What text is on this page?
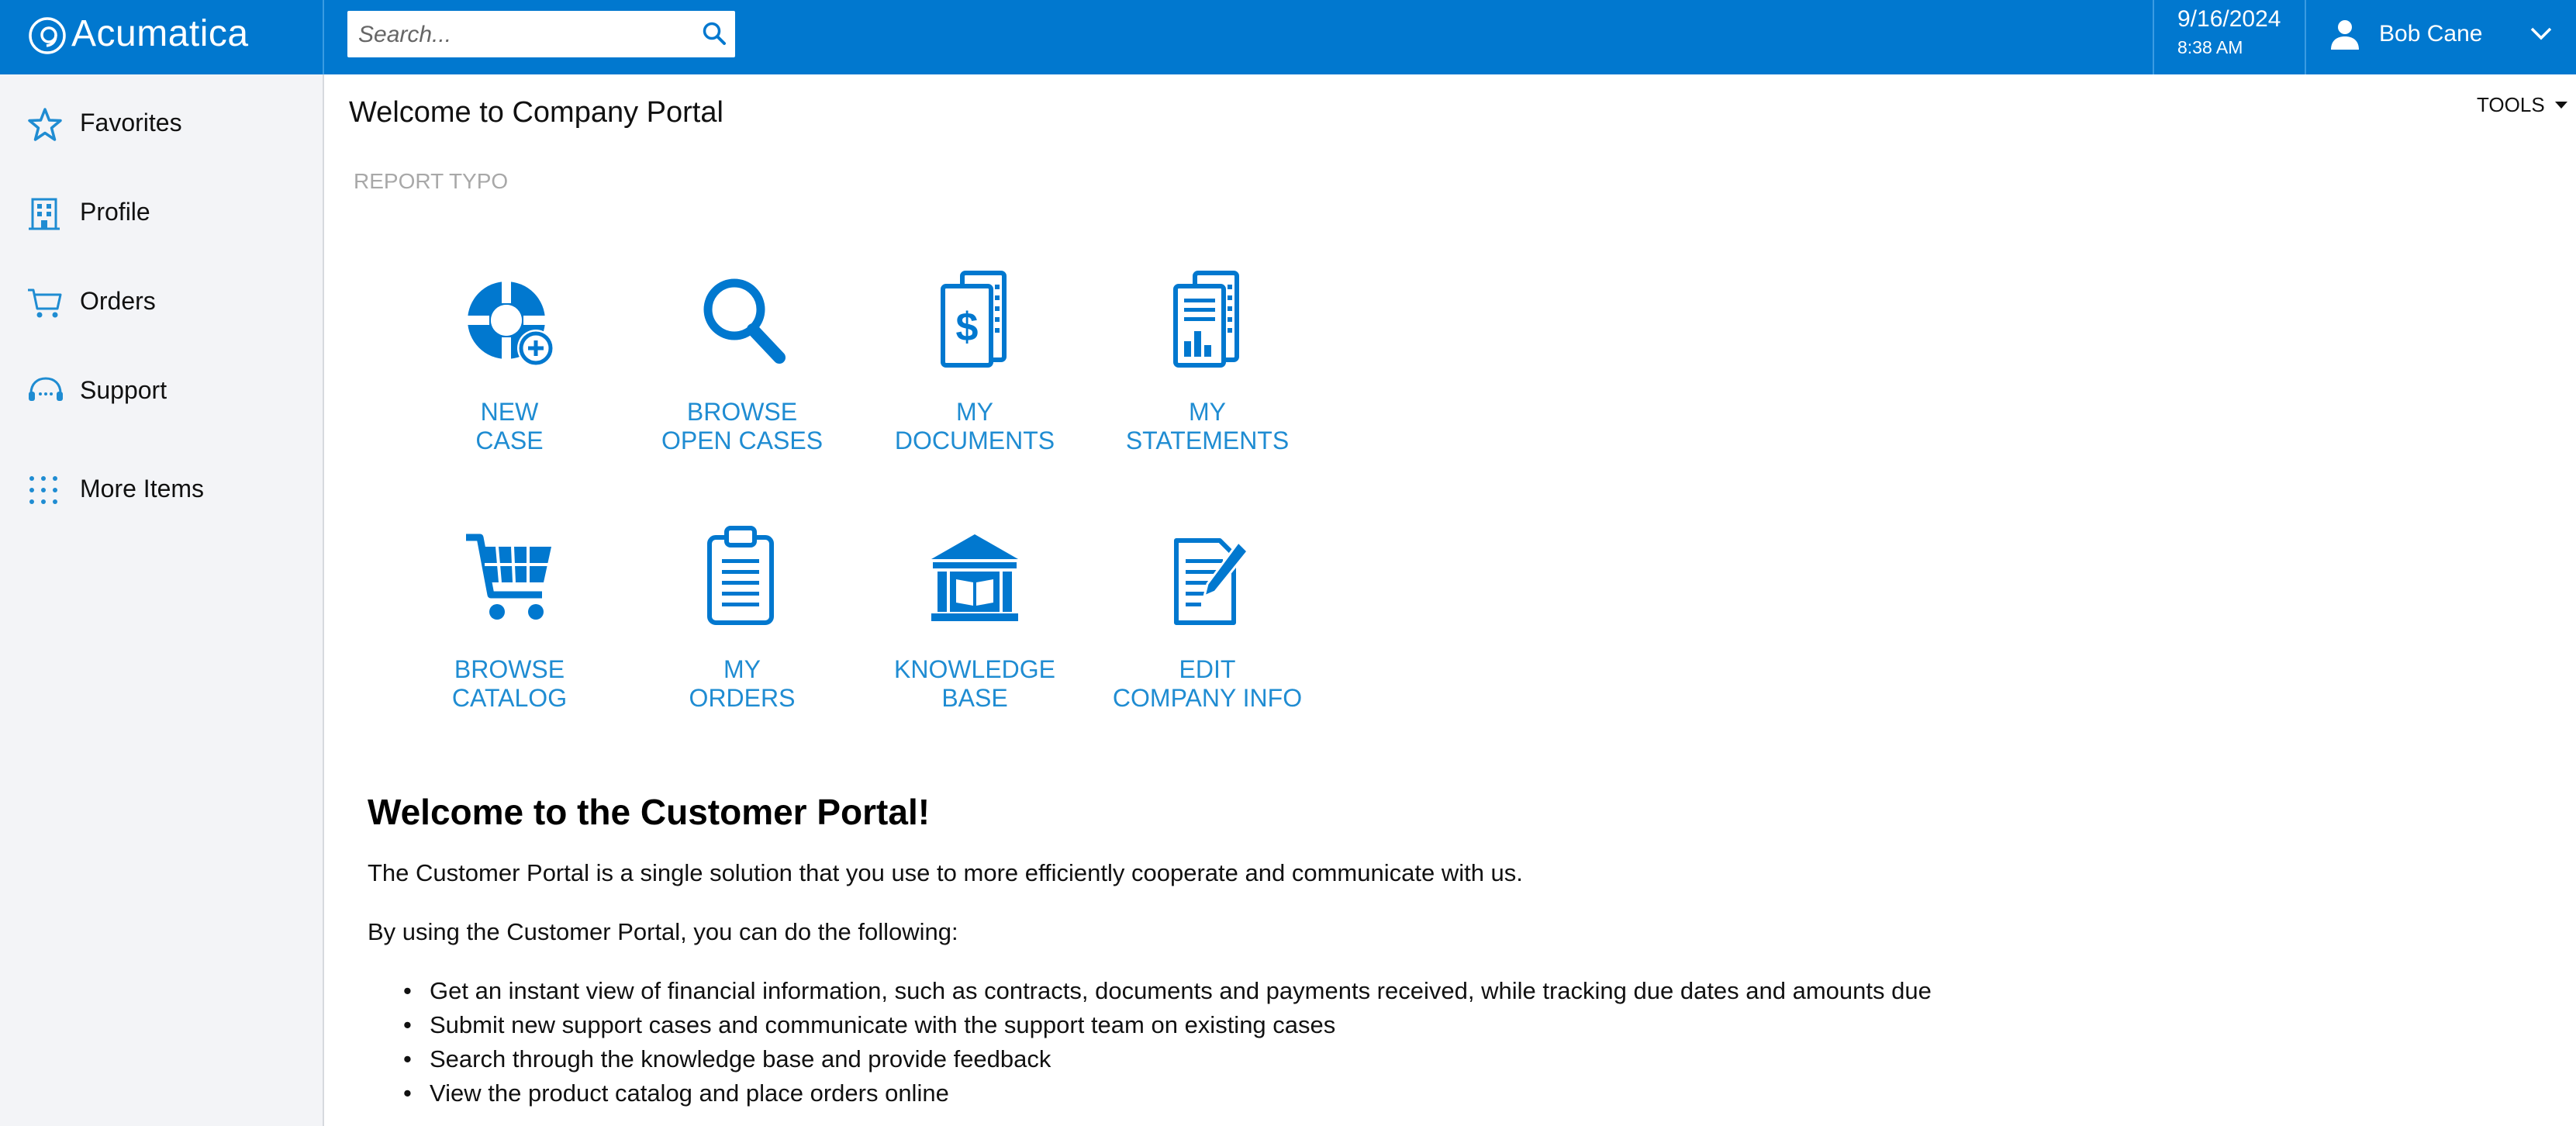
Acumatica
Search...	9/16/2024
8:38 AM
Bob Cane
Favorites
Profile
Orders
Support
More Items
Welcome to Company Portal	TOOLS
REPORT TYPO
NEW
CASE
BROWSE
OPEN CASES
$
MY
DOCUMENTS
MY
STATEMENTS
BROWSE
CATALOG
MY
ORDERS
KNOWLEDGE
BASE
EDIT
COMPANY INFO
Welcome to the Customer Portal!
The Customer Portal is a single solution that you use to more efficiently cooperate and communicate with us.
By using the Customer Portal, you can do the following:
• Get an instant view of financial information, such as contracts, documents and payments received, while tracking due dates and amounts due
• Submit new support cases and communicate with the support team on existing cases
• Search through the knowledge base and provide feedback
• View the product catalog and place orders online
